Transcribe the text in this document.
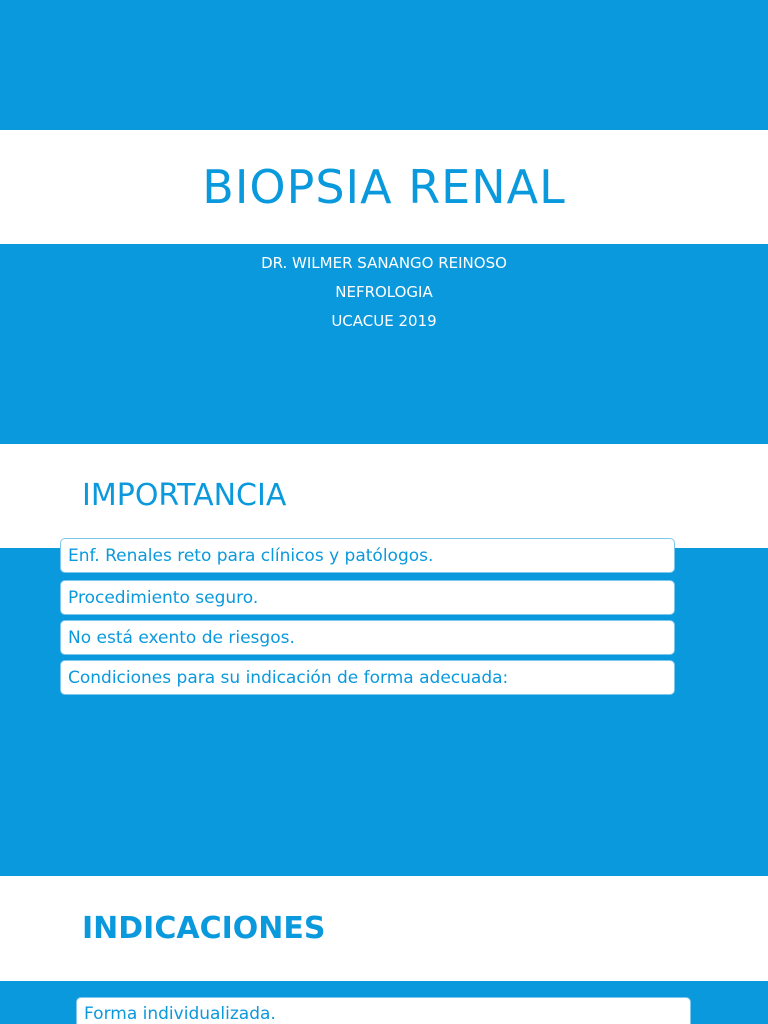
BIOPSIA RENAL
DR. WILMER SANANGO REINOSO
NEFROLOGIA
UCACUE 2019
IMPORTANCIA
Enf. Renales reto para clínicos y patólogos.
Procedimiento seguro.
No está exento de riesgos.
Condiciones para su indicación de forma adecuada:
INDICACIONES
Forma individualizada.
